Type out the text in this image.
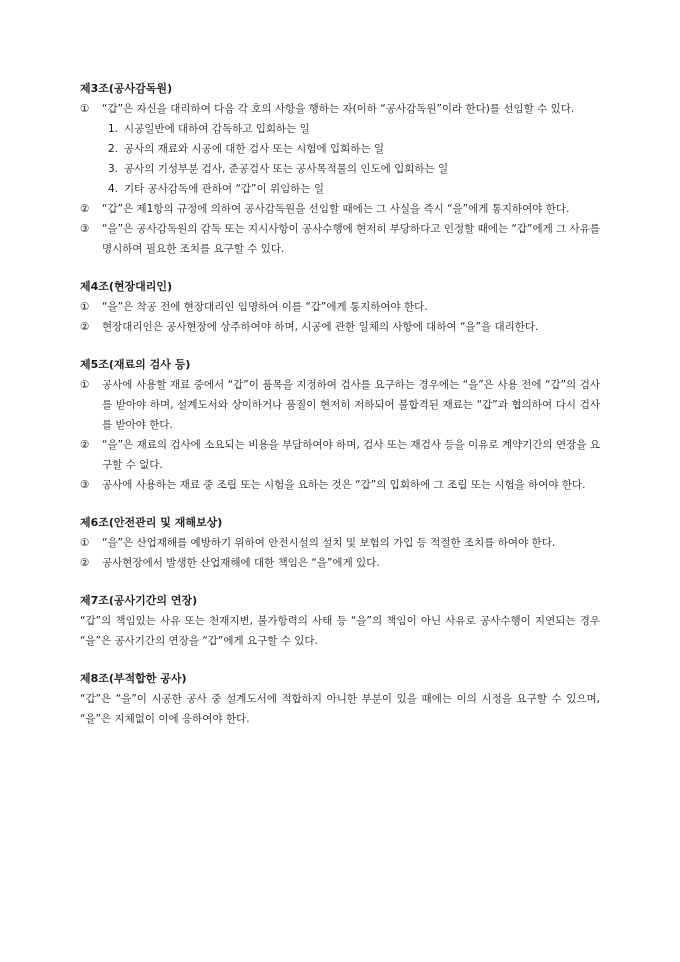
제3조(공사감독원)

①	“갑”은 자신을 대리하여 다음 각 호의 사항을 행하는 자(이하 “공사감독원”이라 한다)를 선임할 수 있다.
1. 시공일반에 대하여 감독하고 입회하는 일
2. 공사의 재료와 시공에 대한 검사 또는 시험에 입회하는 일
3. 공사의 기성부분 검사, 준공검사 또는 공사목적물의 인도에 입회하는 일
4. 기타 공사감독에 관하여 “갑”이 위임하는 일
②	“갑”은 제1항의 규정에 의하여 공사감독원을 선임할 때에는 그 사실을 즉시 “을”에게 통지하여야 한다.
③	“을”은 공사감독원의 감독 또는 지시사항이 공사수행에 현저히 부당하다고 인정할 때에는 “갑”에게 그 사유를 명시하여 필요한 조치를 요구할 수 있다.

제4조(현장대리인)

①	“을”은 착공 전에 현장대리인 임명하여 이를 “갑”에게 통지하여야 한다.
②	현장대리인은 공사현장에 상주하여야 하며, 시공에 관한 일체의 사항에 대하여 “을”을 대리한다.

제5조(재료의 검사 등)

①	공사에 사용할 재료 중에서 “갑”이 품목을 지정하여 검사를 요구하는 경우에는 “을”은 사용 전에 “갑”의 검사를 받아야 하며, 설계도서와 상이하거나 품질이 현저히 저하되어 불합격된 재료는 “갑”과 협의하여 다시 검사를 받아야 한다.
②	“을”은 재료의 검사에 소요되는 비용을 부담하여야 하며, 검사 또는 재검사 등을 이유로 계약기간의 연장을 요구할 수 없다.
③	공사에 사용하는 재료 중 조립 또는 시험을 요하는 것은 “갑”의 입회하에 그 조립 또는 시험을 하여야 한다.

제6조(안전관리 및 재해보상)

①	“을”은 산업재해를 예방하기 위하여 안전시설의 설치 및 보험의 가입 등 적절한 조치를 하여야 한다.
②	공사현장에서 발생한 산업재해에 대한 책임은 “을”에게 있다.

제7조(공사기간의 연장)

“갑”의 책임있는 사유 또는 천재지변, 불가항력의 사태 등 “을”의 책임이 아닌 사유로 공사수행이 지연되는 경우 “을”은 공사기간의 연장을 “갑”에게 요구할 수 있다.

제8조(부적합한 공사)

“갑”은 “을”이 시공한 공사 중 설계도서에 적합하지 아니한 부분이 있을 때에는 이의 시정을 요구할 수 있으며, “을”은 지체없이 이에 응하여야 한다.
